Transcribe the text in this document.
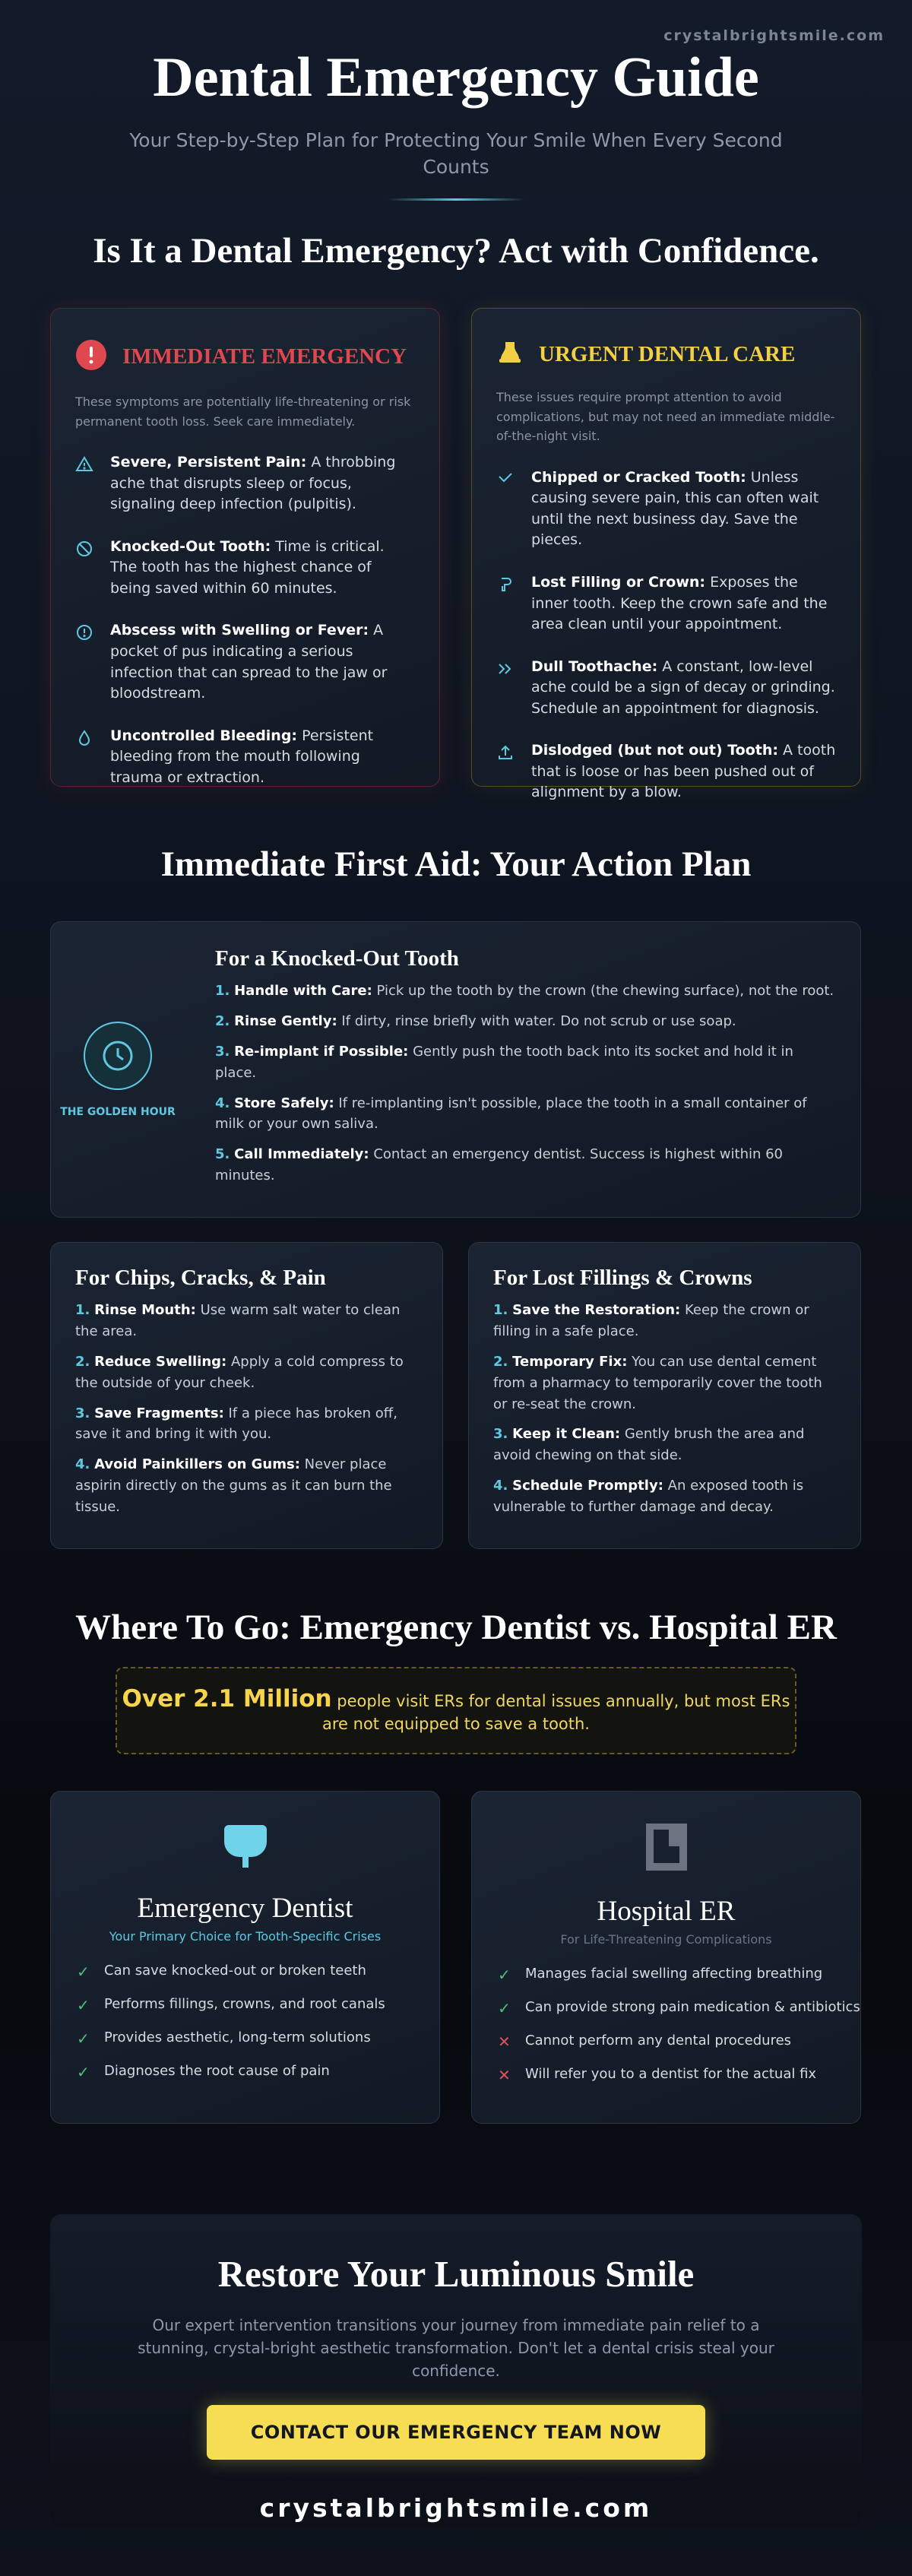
crystalbrightsmile.com
Dental Emergency Guide
Your Step-by-Step Plan for Protecting Your Smile When Every Second Counts
Is It a Dental Emergency? Act with Confidence.
IMMEDIATE EMERGENCY
These symptoms are potentially life-threatening or risk permanent tooth loss. Seek care immediately.
Severe, Persistent Pain: A throbbing ache that disrupts sleep or focus, signaling deep infection (pulpitis).
Knocked-Out Tooth: Time is critical. The tooth has the highest chance of being saved within 60 minutes.
Abscess with Swelling or Fever: A pocket of pus indicating a serious infection that can spread to the jaw or bloodstream.
Uncontrolled Bleeding: Persistent bleeding from the mouth following trauma or extraction.
URGENT DENTAL CARE
These issues require prompt attention to avoid complications, but may not need an immediate middle-of-the-night visit.
Chipped or Cracked Tooth: Unless causing severe pain, this can often wait until the next business day. Save the pieces.
Lost Filling or Crown: Exposes the inner tooth. Keep the crown safe and the area clean until your appointment.
Dull Toothache: A constant, low-level ache could be a sign of decay or grinding. Schedule an appointment for diagnosis.
Dislodged (but not out) Tooth: A tooth that is loose or has been pushed out of alignment by a blow.
Immediate First Aid: Your Action Plan
THE GOLDEN HOUR
For a Knocked-Out Tooth
1. Handle with Care: Pick up the tooth by the crown (the chewing surface), not the root.
2. Rinse Gently: If dirty, rinse briefly with water. Do not scrub or use soap.
3. Re-implant if Possible: Gently push the tooth back into its socket and hold it in place.
4. Store Safely: If re-implanting isn't possible, place the tooth in a small container of milk or your own saliva.
5. Call Immediately: Contact an emergency dentist. Success is highest within 60 minutes.
For Chips, Cracks, & Pain
1. Rinse Mouth: Use warm salt water to clean the area.
2. Reduce Swelling: Apply a cold compress to the outside of your cheek.
3. Save Fragments: If a piece has broken off, save it and bring it with you.
4. Avoid Painkillers on Gums: Never place aspirin directly on the gums as it can burn the tissue.
For Lost Fillings & Crowns
1. Save the Restoration: Keep the crown or filling in a safe place.
2. Temporary Fix: You can use dental cement from a pharmacy to temporarily cover the tooth or re-seat the crown.
3. Keep it Clean: Gently brush the area and avoid chewing on that side.
4. Schedule Promptly: An exposed tooth is vulnerable to further damage and decay.
Where To Go: Emergency Dentist vs. Hospital ER
Over 2.1 Million people visit ERs for dental issues annually, but most ERs are not equipped to save a tooth.
Emergency Dentist
Your Primary Choice for Tooth-Specific Crises
✓ Can save knocked-out or broken teeth
✓ Performs fillings, crowns, and root canals
✓ Provides aesthetic, long-term solutions
✓ Diagnoses the root cause of pain
Hospital ER
For Life-Threatening Complications
✓ Manages facial swelling affecting breathing
✓ Can provide strong pain medication & antibiotics
✕ Cannot perform any dental procedures
✕ Will refer you to a dentist for the actual fix
Restore Your Luminous Smile

Our expert intervention transitions your journey from immediate pain relief to a stunning, crystal-bright aesthetic transformation. Don't let a dental crisis steal your confidence.

CONTACT OUR EMERGENCY TEAM NOW
crystalbrightsmile.com
